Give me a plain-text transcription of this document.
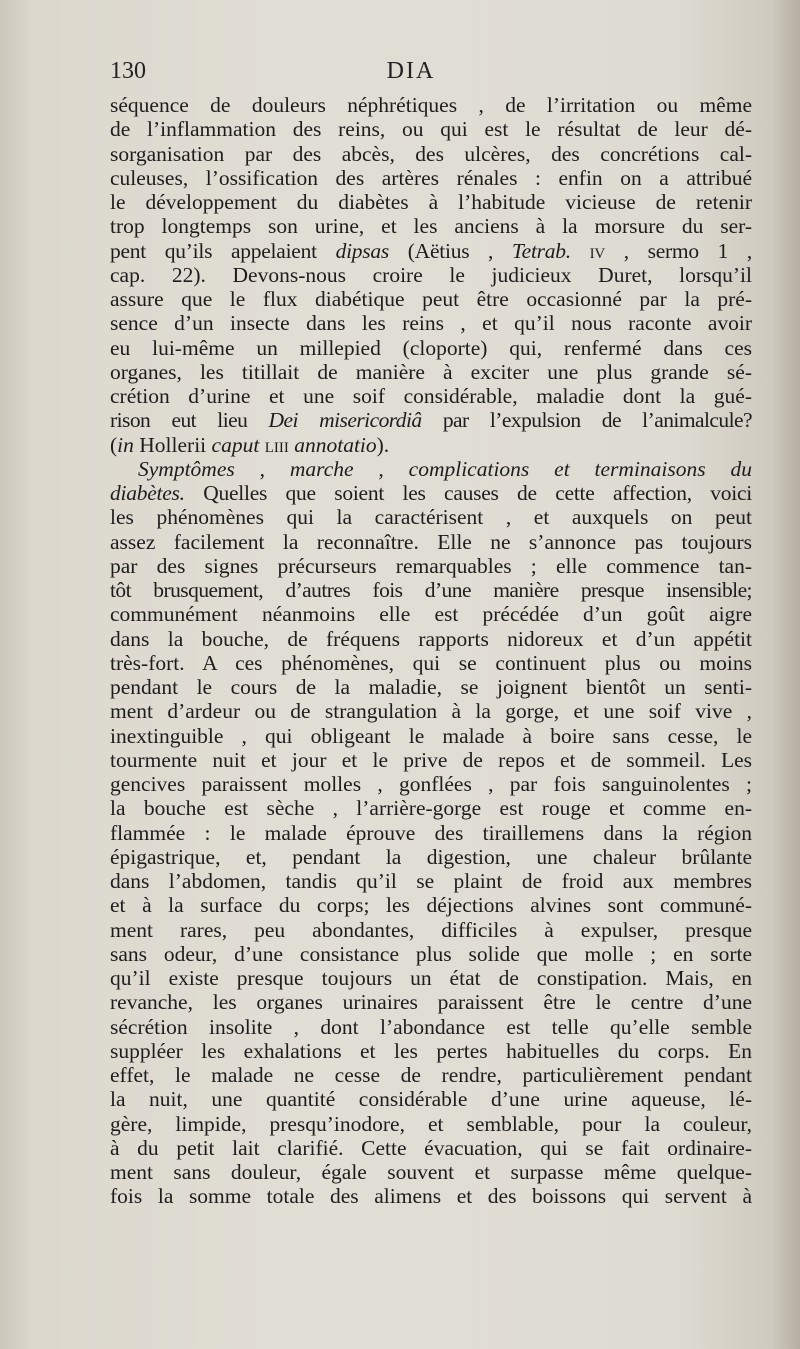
130	DIA
séquence de douleurs néphrétiques , de l’irritation ou même
de l’inflammation des reins, ou qui est le résultat de leur dé-
sorganisation par des abcès, des ulcères, des concrétions cal-
culeuses, l’ossification des artères rénales : enfin on a attribué
le développement du diabètes à l’habitude vicieuse de retenir
trop longtemps son urine, et les anciens à la morsure du ser-
pent qu’ils appelaient dipsas (Aëtius , Tetrab. iv , sermo 1 ,
cap. 22). Devons-nous croire le judicieux Duret, lorsqu’il
assure que le flux diabétique peut être occasionné par la pré-
sence d’un insecte dans les reins , et qu’il nous raconte avoir
eu lui-même un millepied (cloporte) qui, renfermé dans ces
organes, les titillait de manière à exciter une plus grande sé-
crétion d’urine et une soif considérable, maladie dont la gué-
rison eut lieu Dei misericordiâ par l’expulsion de l’animalcule?
(in Hollerii caput liii annotatio).
Symptômes , marche , complications et terminaisons du
diabètes. Quelles que soient les causes de cette affection, voici
les phénomènes qui la caractérisent , et auxquels on peut
assez facilement la reconnaître. Elle ne s’annonce pas toujours
par des signes précurseurs remarquables ; elle commence tan-
tôt brusquement, d’autres fois d’une manière presque insensible;
communément néanmoins elle est précédée d’un goût aigre
dans la bouche, de fréquens rapports nidoreux et d’un appétit
très-fort. A ces phénomènes, qui se continuent plus ou moins
pendant le cours de la maladie, se joignent bientôt un senti-
ment d’ardeur ou de strangulation à la gorge, et une soif vive ,
inextinguible , qui obligeant le malade à boire sans cesse, le
tourmente nuit et jour et le prive de repos et de sommeil. Les
gencives paraissent molles , gonflées , par fois sanguinolentes ;
la bouche est sèche , l’arrière-gorge est rouge et comme en-
flammée : le malade éprouve des tiraillemens dans la région
épigastrique, et, pendant la digestion, une chaleur brûlante
dans l’abdomen, tandis qu’il se plaint de froid aux membres
et à la surface du corps; les déjections alvines sont communé-
ment rares, peu abondantes, difficiles à expulser, presque
sans odeur, d’une consistance plus solide que molle ; en sorte
qu’il existe presque toujours un état de constipation. Mais, en
revanche, les organes urinaires paraissent être le centre d’une
sécrétion insolite , dont l’abondance est telle qu’elle semble
suppléer les exhalations et les pertes habituelles du corps. En
effet, le malade ne cesse de rendre, particulièrement pendant
la nuit, une quantité considérable d’une urine aqueuse, lé-
gère, limpide, presqu’inodore, et semblable, pour la couleur,
à du petit lait clarifié. Cette évacuation, qui se fait ordinaire-
ment sans douleur, égale souvent et surpasse même quelque-
fois la somme totale des alimens et des boissons qui servent à
